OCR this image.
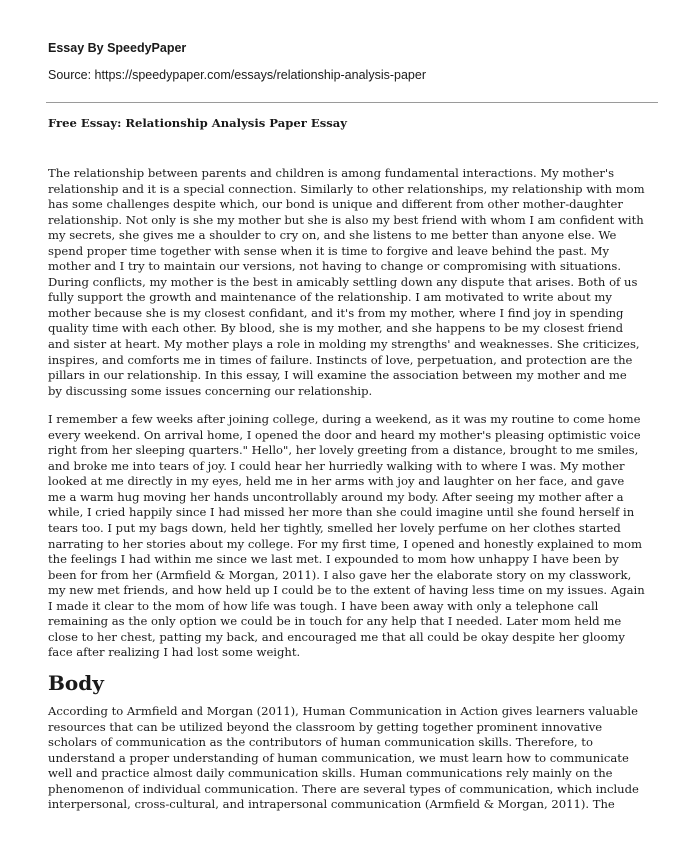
Essay By SpeedyPaper

Source: https://speedypaper.com/essays/relationship-analysis-paper

Free Essay: Relationship Analysis Paper Essay

The relationship between parents and children is among fundamental interactions. My mother's
relationship and it is a special connection. Similarly to other relationships, my relationship with mom
has some challenges despite which, our bond is unique and different from other mother-daughter
relationship. Not only is she my mother but she is also my best friend with whom I am confident with
my secrets, she gives me a shoulder to cry on, and she listens to me better than anyone else. We
spend proper time together with sense when it is time to forgive and leave behind the past. My
mother and I try to maintain our versions, not having to change or compromising with situations.
During conflicts, my mother is the best in amicably settling down any dispute that arises. Both of us
fully support the growth and maintenance of the relationship. I am motivated to write about my
mother because she is my closest confidant, and it's from my mother, where I find joy in spending
quality time with each other. By blood, she is my mother, and she happens to be my closest friend
and sister at heart. My mother plays a role in molding my strengths' and weaknesses. She criticizes,
inspires, and comforts me in times of failure. Instincts of love, perpetuation, and protection are the
pillars in our relationship. In this essay, I will examine the association between my mother and me
by discussing some issues concerning our relationship.

I remember a few weeks after joining college, during a weekend, as it was my routine to come home
every weekend. On arrival home, I opened the door and heard my mother's pleasing optimistic voice
right from her sleeping quarters." Hello", her lovely greeting from a distance, brought to me smiles,
and broke me into tears of joy. I could hear her hurriedly walking with to where I was. My mother
looked at me directly in my eyes, held me in her arms with joy and laughter on her face, and gave
me a warm hug moving her hands uncontrollably around my body. After seeing my mother after a
while, I cried happily since I had missed her more than she could imagine until she found herself in
tears too. I put my bags down, held her tightly, smelled her lovely perfume on her clothes started
narrating to her stories about my college. For my first time, I opened and honestly explained to mom
the feelings I had within me since we last met. I expounded to mom how unhappy I have been by
been for from her (Armfield & Morgan, 2011). I also gave her the elaborate story on my classwork,
my new met friends, and how held up I could be to the extent of having less time on my issues. Again
I made it clear to the mom of how life was tough. I have been away with only a telephone call
remaining as the only option we could be in touch for any help that I needed. Later mom held me
close to her chest, patting my back, and encouraged me that all could be okay despite her gloomy
face after realizing I had lost some weight.

Body

According to Armfield and Morgan (2011), Human Communication in Action gives learners valuable
resources that can be utilized beyond the classroom by getting together prominent innovative
scholars of communication as the contributors of human communication skills. Therefore, to
understand a proper understanding of human communication, we must learn how to communicate
well and practice almost daily communication skills. Human communications rely mainly on the
phenomenon of individual communication. There are several types of communication, which include
interpersonal, cross-cultural, and intrapersonal communication (Armfield & Morgan, 2011). The
